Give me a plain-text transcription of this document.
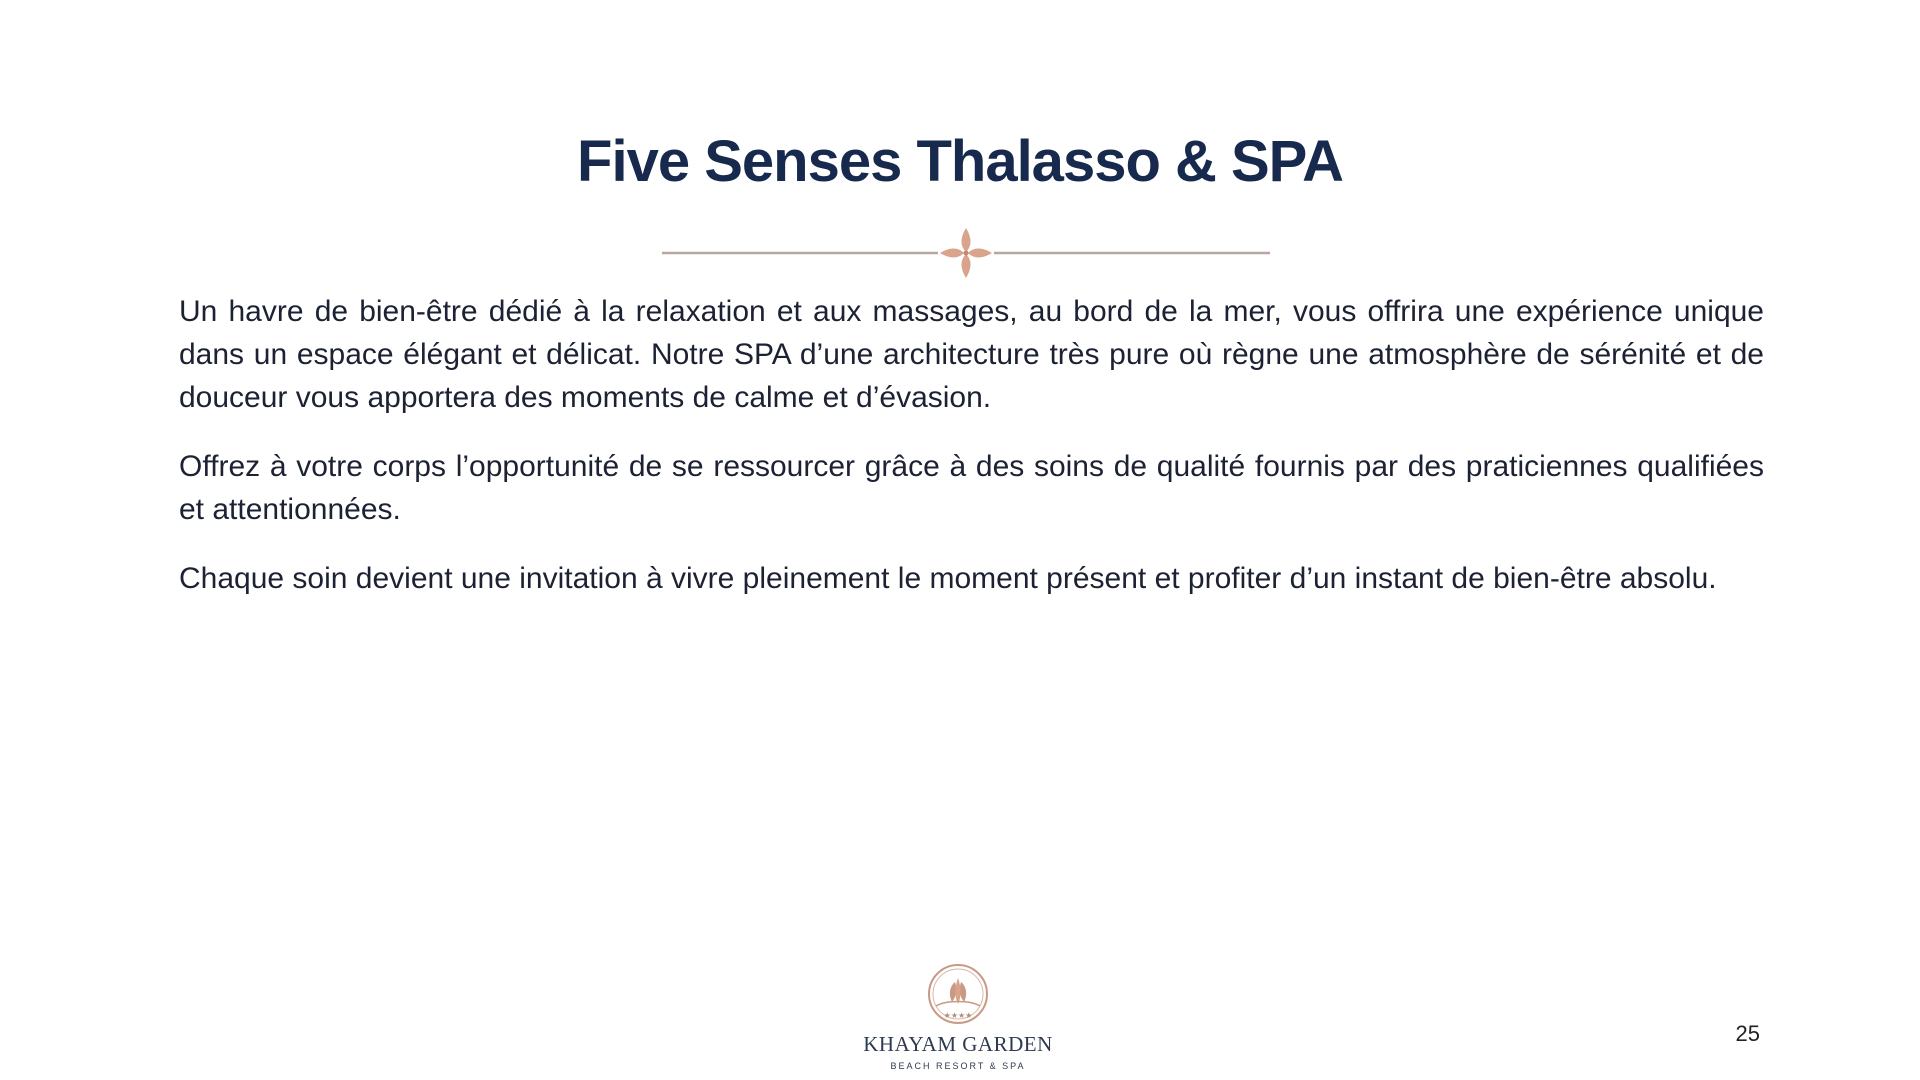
Five Senses Thalasso & SPA

Un havre de bien-être dédié à la relaxation et aux massages, au bord de la mer, vous offrira une expérience unique dans un espace élégant et délicat. Notre SPA d’une architecture très pure où règne une atmosphère de sérénité et de douceur vous apportera des moments de calme et d’évasion.

Offrez à votre corps l’opportunité de se ressourcer grâce à des soins de qualité fournis par des praticiennes qualifiées et attentionnées.

Chaque soin devient une invitation à vivre pleinement le moment présent et profiter d’un instant de bien-être absolu.

★★★★
KHAYAM GARDEN
BEACH RESORT & SPA
25
